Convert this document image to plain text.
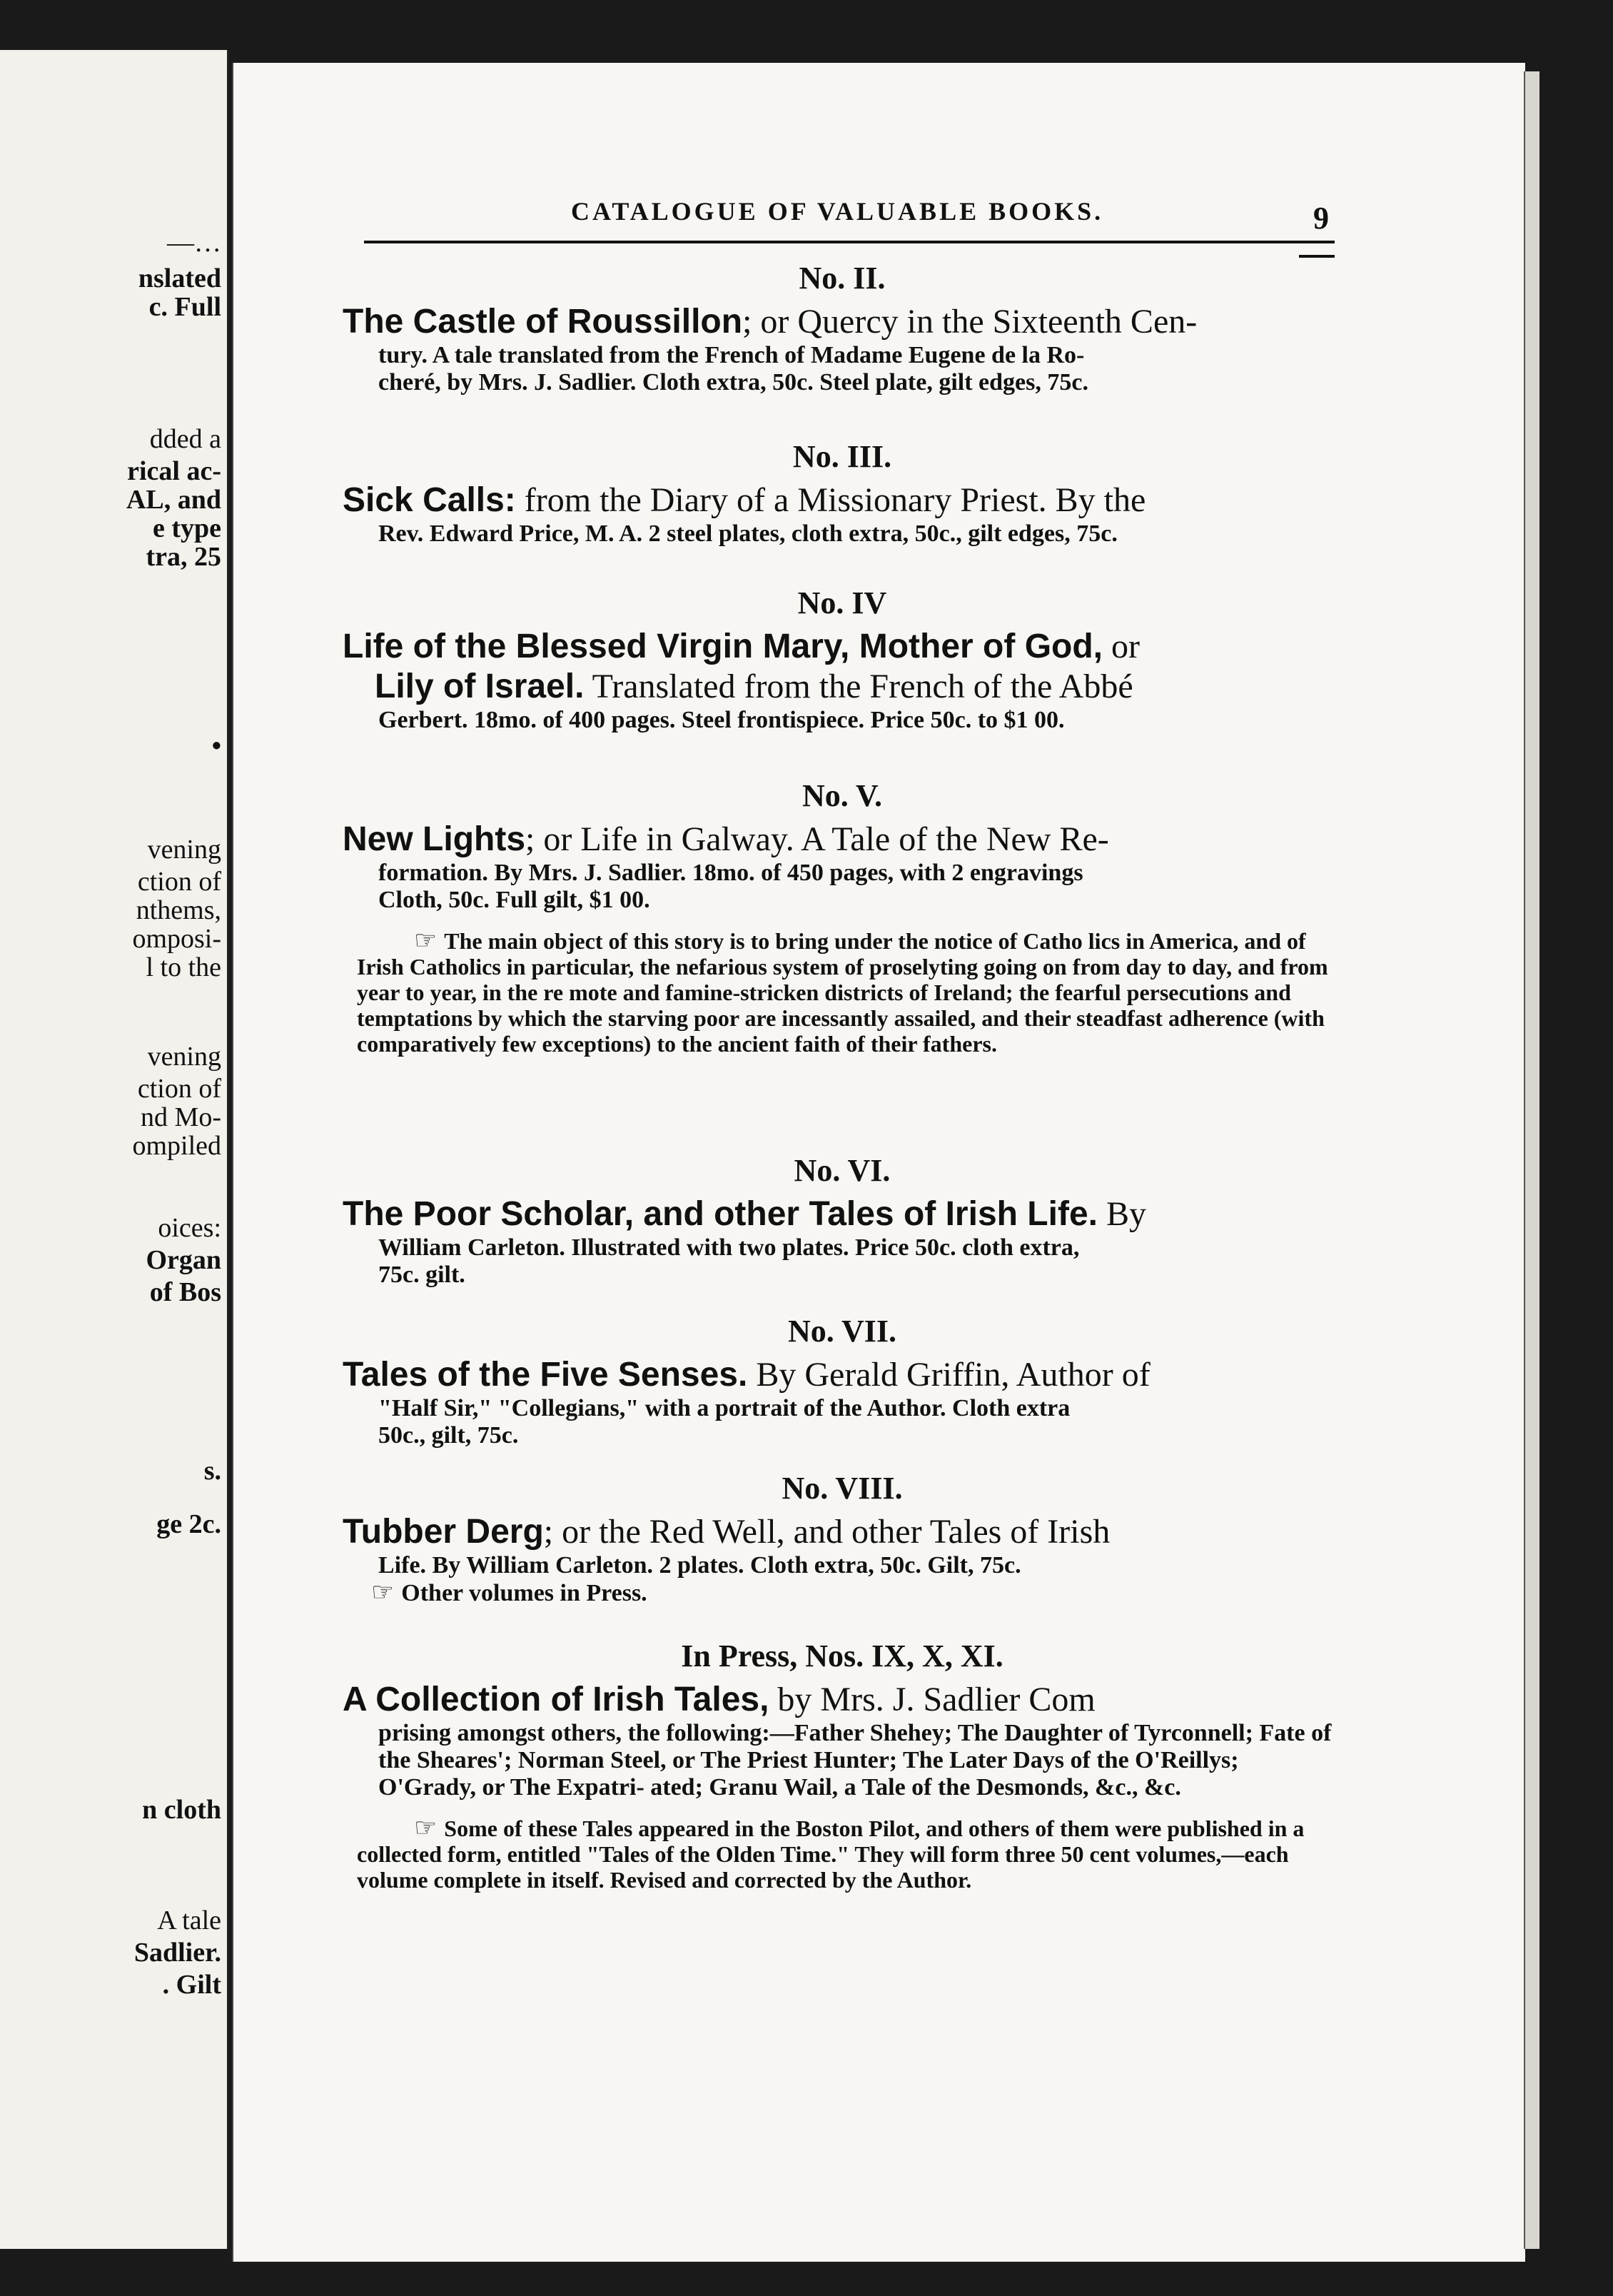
—…
nslated
c. Full
dded a
rical ac-
AL, and
e type
tra, 25
•
vening
ction of
nthems,
omposi-
l to the
vening
ction of
nd Mo-
ompiled
oices:
Organ
of Bos
s.
ge 2c.
n cloth
A tale
Sadlier.
. Gilt
CATALOGUE OF VALUABLE BOOKS.	9
No. II.
The Castle of Roussillon; or Quercy in the Sixteenth Cen-
tury. A tale translated from the French of Madame Eugene de la Ro-
cheré, by Mrs. J. Sadlier. Cloth extra, 50c. Steel plate, gilt edges, 75c.
No. III.
Sick Calls: from the Diary of a Missionary Priest. By the
Rev. Edward Price, M. A. 2 steel plates, cloth extra, 50c., gilt edges, 75c.
No. IV
Life of the Blessed Virgin Mary, Mother of God, or
Lily of Israel. Translated from the French of the Abbé
Gerbert. 18mo. of 400 pages. Steel frontispiece. Price 50c. to $1 00.
No. V.
New Lights; or Life in Galway. A Tale of the New Re-
formation. By Mrs. J. Sadlier. 18mo. of 450 pages, with 2 engravings
Cloth, 50c. Full gilt, $1 00.
☞ The main object of this story is to bring under the notice of Catho lics in America, and of Irish Catholics in particular, the nefarious system of proselyting going on from day to day, and from year to year, in the re mote and famine-stricken districts of Ireland; the fearful persecutions and temptations by which the starving poor are incessantly assailed, and their steadfast adherence (with comparatively few exceptions) to the ancient faith of their fathers.
No. VI.
The Poor Scholar, and other Tales of Irish Life. By
William Carleton. Illustrated with two plates. Price 50c. cloth extra,
75c. gilt.
No. VII.
Tales of the Five Senses. By Gerald Griffin, Author of
"Half Sir," "Collegians," with a portrait of the Author. Cloth extra
50c., gilt, 75c.
No. VIII.
Tubber Derg; or the Red Well, and other Tales of Irish
Life. By William Carleton. 2 plates. Cloth extra, 50c. Gilt, 75c.
☞ Other volumes in Press.
In Press, Nos. IX, X, XI.
A Collection of Irish Tales, by Mrs. J. Sadlier Com
prising amongst others, the following:—Father Shehey; The Daughter of Tyrconnell; Fate of the Sheares'; Norman Steel, or The Priest Hunter; The Later Days of the O'Reillys; O'Grady, or The Expatri- ated; Granu Wail, a Tale of the Desmonds, &c., &c.
☞ Some of these Tales appeared in the Boston Pilot, and others of them were published in a collected form, entitled "Tales of the Olden Time." They will form three 50 cent volumes,—each volume complete in itself. Revised and corrected by the Author.
